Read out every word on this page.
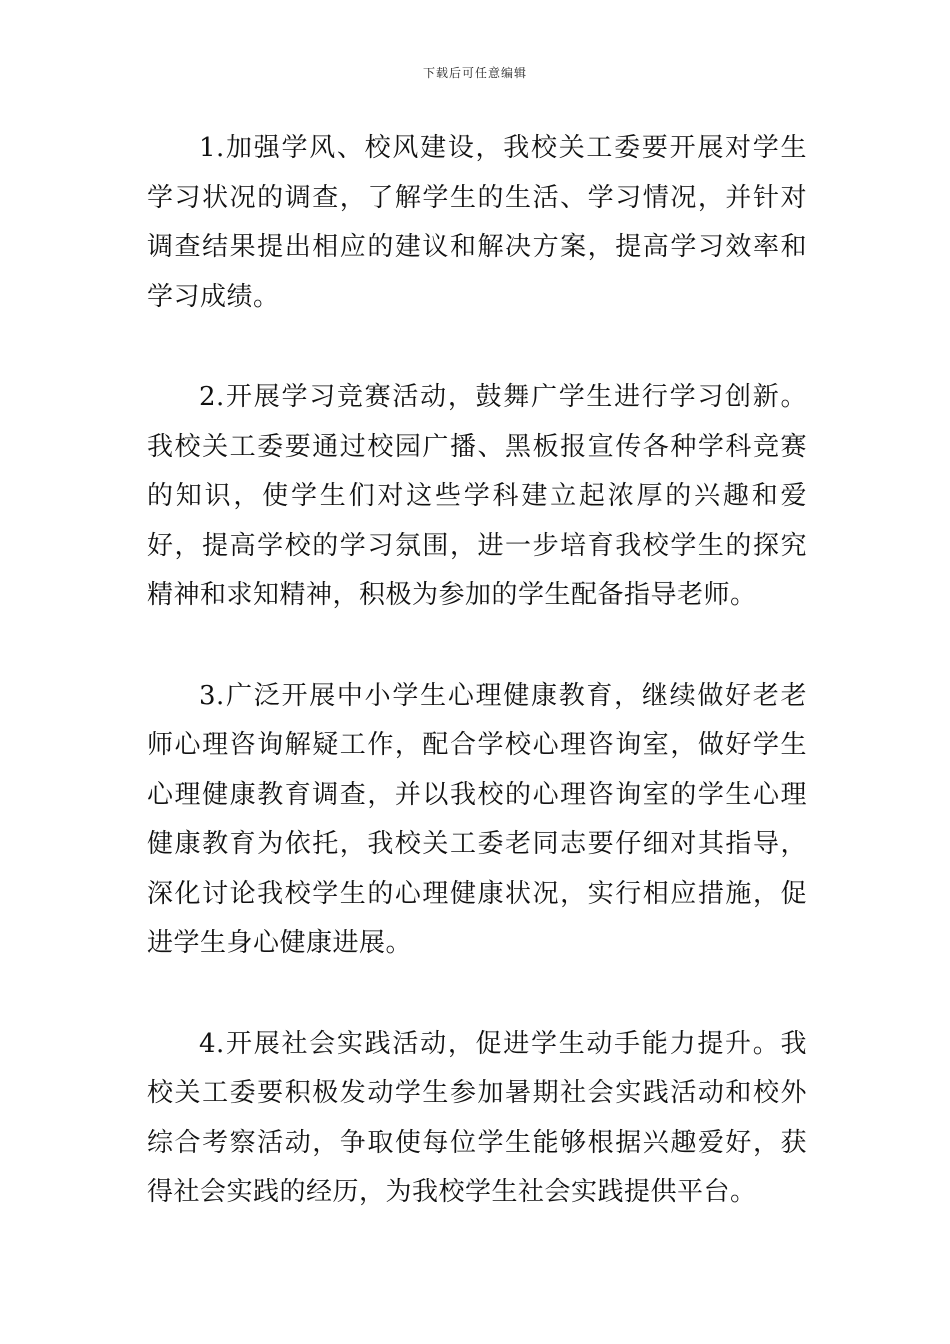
下载后可任意编辑

1.加强学风、校风建设，我校关工委要开展对学生学习状况的调查，了解学生的生活、学习情况，并针对调查结果提出相应的建议和解决方案，提高学习效率和学习成绩。

2.开展学习竞赛活动，鼓舞广学生进行学习创新。我校关工委要通过校园广播、黑板报宣传各种学科竞赛的知识，使学生们对这些学科建立起浓厚的兴趣和爱好，提高学校的学习氛围，进一步培育我校学生的探究精神和求知精神，积极为参加的学生配备指导老师。

3.广泛开展中小学生心理健康教育，继续做好老老师心理咨询解疑工作，配合学校心理咨询室，做好学生心理健康教育调查，并以我校的心理咨询室的学生心理健康教育为依托，我校关工委老同志要仔细对其指导，深化讨论我校学生的心理健康状况，实行相应措施，促进学生身心健康进展。

4.开展社会实践活动，促进学生动手能力提升。我校关工委要积极发动学生参加暑期社会实践活动和校外综合考察活动，争取使每位学生能够根据兴趣爱好，获得社会实践的经历，为我校学生社会实践提供平台。
